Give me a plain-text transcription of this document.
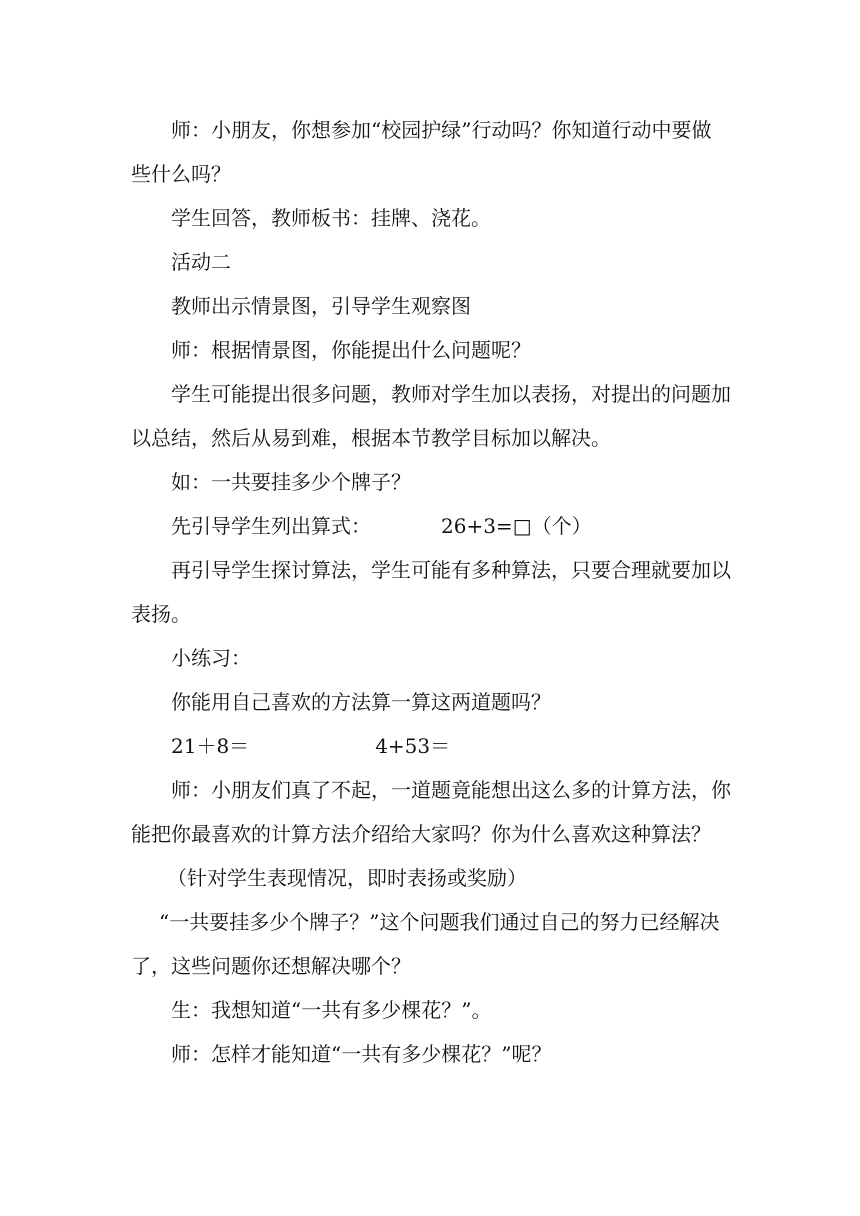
师：小朋友，你想参加“校园护绿”行动吗？你知道行动中要做些什么吗？

学生回答，教师板书：挂牌、浇花。

活动二

教师出示情景图，引导学生观察图

师：根据情景图，你能提出什么问题呢？

学生可能提出很多问题，教师对学生加以表扬，对提出的问题加以总结，然后从易到难，根据本节教学目标加以解决。

如：一共要挂多少个牌子？

先引导学生列出算式：	26+3=□（个）

再引导学生探讨算法，学生可能有多种算法，只要合理就要加以表扬。

小练习：

你能用自己喜欢的方法算一算这两道题吗？

21＋8＝	4+53＝

师：小朋友们真了不起，一道题竟能想出这么多的计算方法，你能把你最喜欢的计算方法介绍给大家吗？你为什么喜欢这种算法？

（针对学生表现情况，即时表扬或奖励）

“一共要挂多少个牌子？”这个问题我们通过自己的努力已经解决了，这些问题你还想解决哪个？

生：我想知道“一共有多少棵花？”。

师：怎样才能知道“一共有多少棵花？”呢？
